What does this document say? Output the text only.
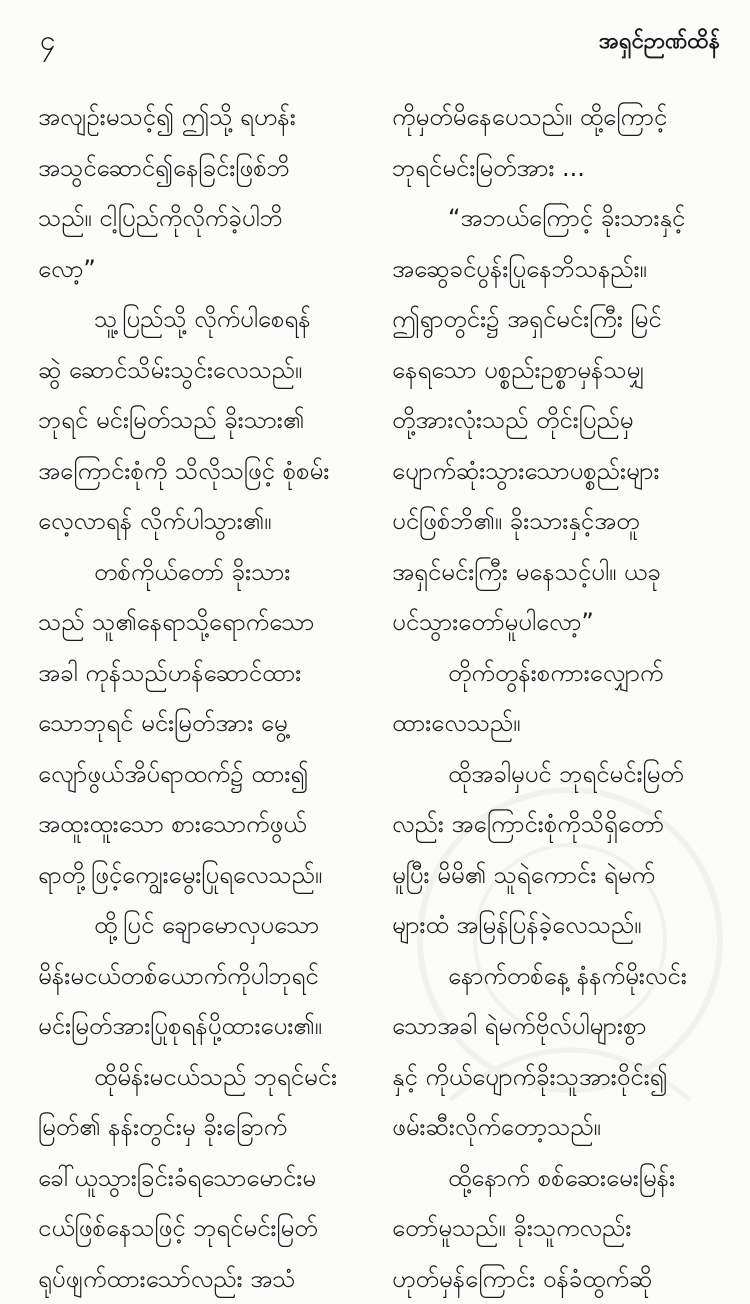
၄	အရှင်ဉာဏ်ထိန်
အလျဉ်းမသင့်၍ ဤသို့ ရဟန်း
အသွင်ဆောင်၍နေခြင်းဖြစ်ဘိ
သည်။ ငါ့ပြည်ကိုလိုက်ခဲ့ပါဘိ
လော့”
သူ့ပြည်သို့ လိုက်ပါစေရန်
ဆွဲ ဆောင်သိမ်းသွင်းလေသည်။
ဘုရင် မင်းမြတ်သည် ခိုးသား၏
အကြောင်းစုံကို သိလိုသဖြင့် စုံစမ်း
လေ့လာရန် လိုက်ပါသွား၏။
တစ်ကိုယ်တော် ခိုးသား
သည် သူ၏နေရာသို့ရောက်သော
အခါ ကုန်သည်ဟန်ဆောင်ထား
သောဘုရင် မင်းမြတ်အား မွေ့
လျော်ဖွယ်အိပ်ရာထက်၌ ထား၍
အထူးထူးသော စားသောက်ဖွယ်
ရာတို့ဖြင့်ကျွေးမွေးပြုရလေသည်။
ထို့ပြင် ချောမောလှပသော
မိန်းမငယ်တစ်ယောက်ကိုပါဘုရင်
မင်းမြတ်အားပြုစုရန်ပို့ထားပေး၏။
ထိုမိန်းမငယ်သည် ဘုရင်မင်း
မြတ်၏ နန်းတွင်းမှ ခိုးခြောက်
ခေါ်ယူသွားခြင်းခံရသောမောင်းမ
ငယ်ဖြစ်နေသဖြင့် ဘုရင်မင်းမြတ်
ရုပ်ဖျက်ထားသော်လည်း အသံ
ကိုမှတ်မိနေပေသည်။ ထို့ကြောင့်
ဘုရင်မင်းမြတ်အား ...
“အဘယ်ကြောင့် ခိုးသားနှင့်
အဆွေခင်ပွန်းပြုနေဘိသနည်း။
ဤရွာတွင်း၌ အရှင်မင်းကြီး မြင်
နေရသော ပစ္စည်းဥစ္စာမှန်သမျှ
တို့အားလုံးသည် တိုင်းပြည်မှ
ပျောက်ဆုံးသွားသောပစ္စည်းများ
ပင်ဖြစ်ဘိ၏။ ခိုးသားနှင့်အတူ
အရှင်မင်းကြီး မနေသင့်ပါ။ ယခု
ပင်သွားတော်မူပါလော့”
တိုက်တွန်းစကားလျှောက်
ထားလေသည်။
ထိုအခါမှပင် ဘုရင်မင်းမြတ်
လည်း အကြောင်းစုံကိုသိရှိတော်
မူပြီး မိမိ၏ သူရဲကောင်း ရဲမက်
များထံ အမြန်ပြန်ခဲ့လေသည်။
နောက်တစ်နေ့ နံနက်မိုးလင်း
သောအခါ ရဲမက်ဗိုလ်ပါများစွာ
နှင့် ကိုယ်ပျောက်ခိုးသူအားဝိုင်း၍
ဖမ်းဆီးလိုက်တော့သည်။
ထို့နောက် စစ်ဆေးမေးမြန်း
တော်မူသည်။ ခိုးသူကလည်း
ဟုတ်မှန်ကြောင်း ဝန်ခံထွက်ဆို
